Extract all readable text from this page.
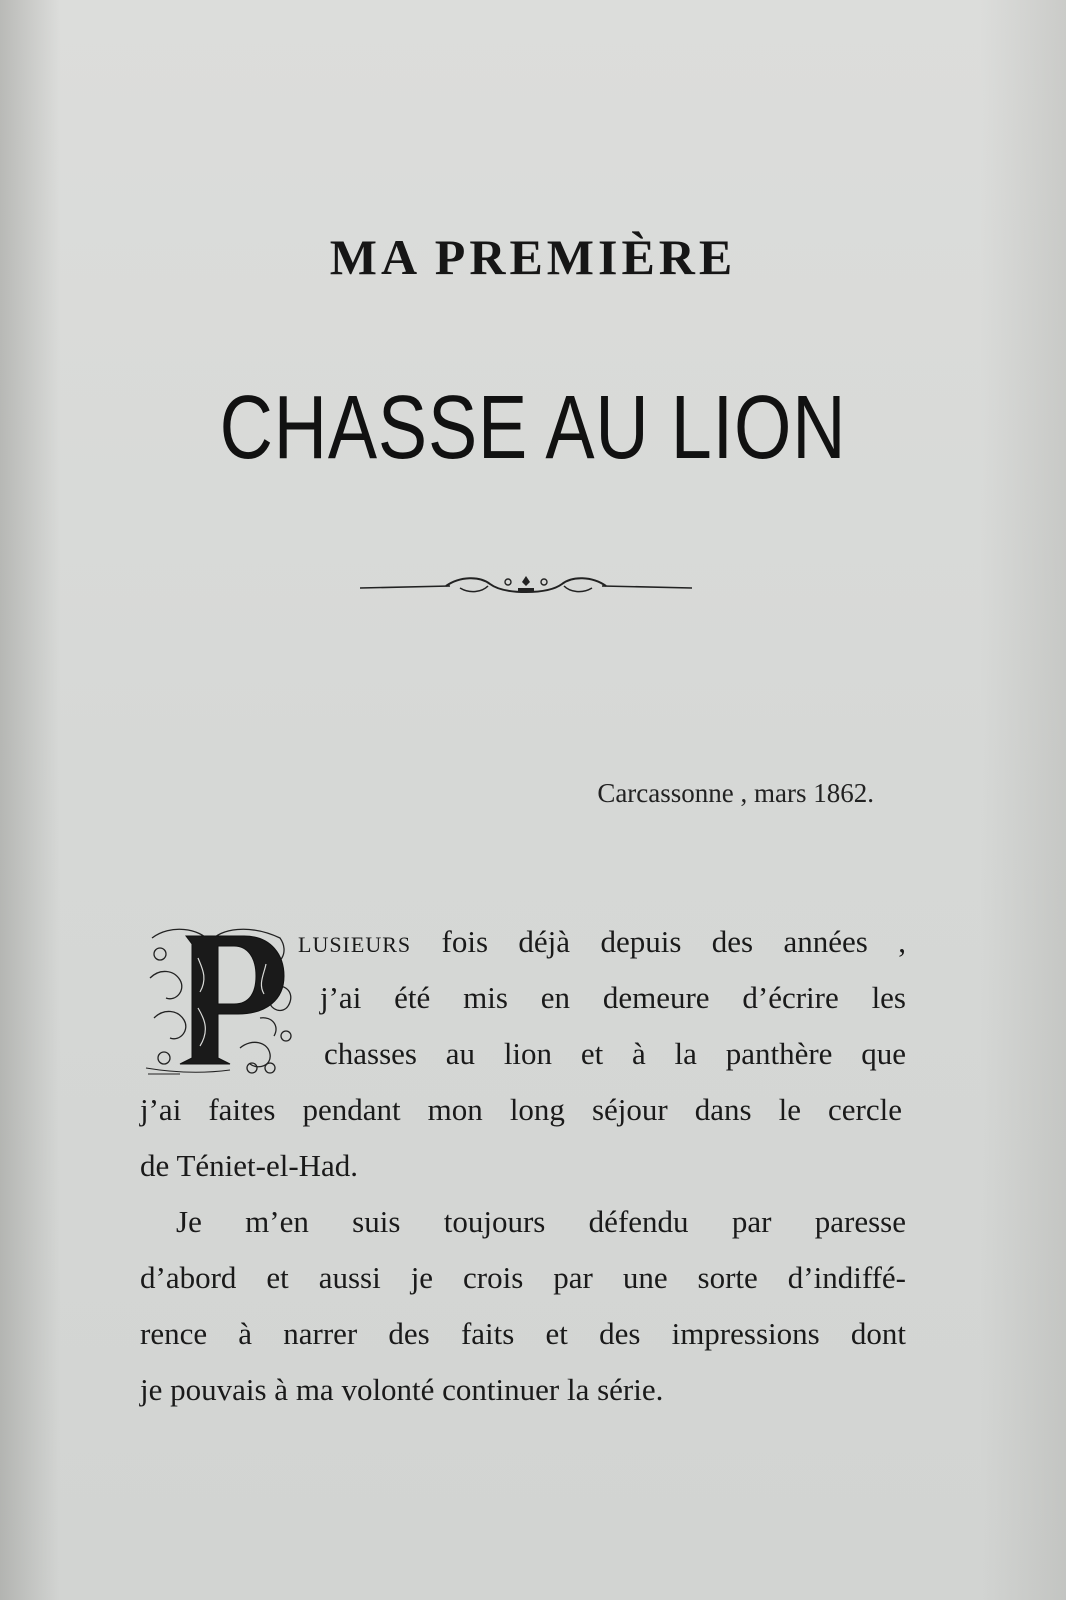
MA PREMIÈRE
CHASSE AU LION
Carcassonne , mars 1862.
lusieurs fois déjà depuis des années ,
j’ai été mis en demeure d’écrire les
chasses au lion et à la panthère que
j’ai faites pendant mon long séjour dans le cercle
de Téniet-el-Had.
Je m’en suis toujours défendu par paresse
d’abord et aussi je crois par une sorte d’indiffé-
rence à narrer des faits et des impressions dont
je pouvais à ma volonté continuer la série.
